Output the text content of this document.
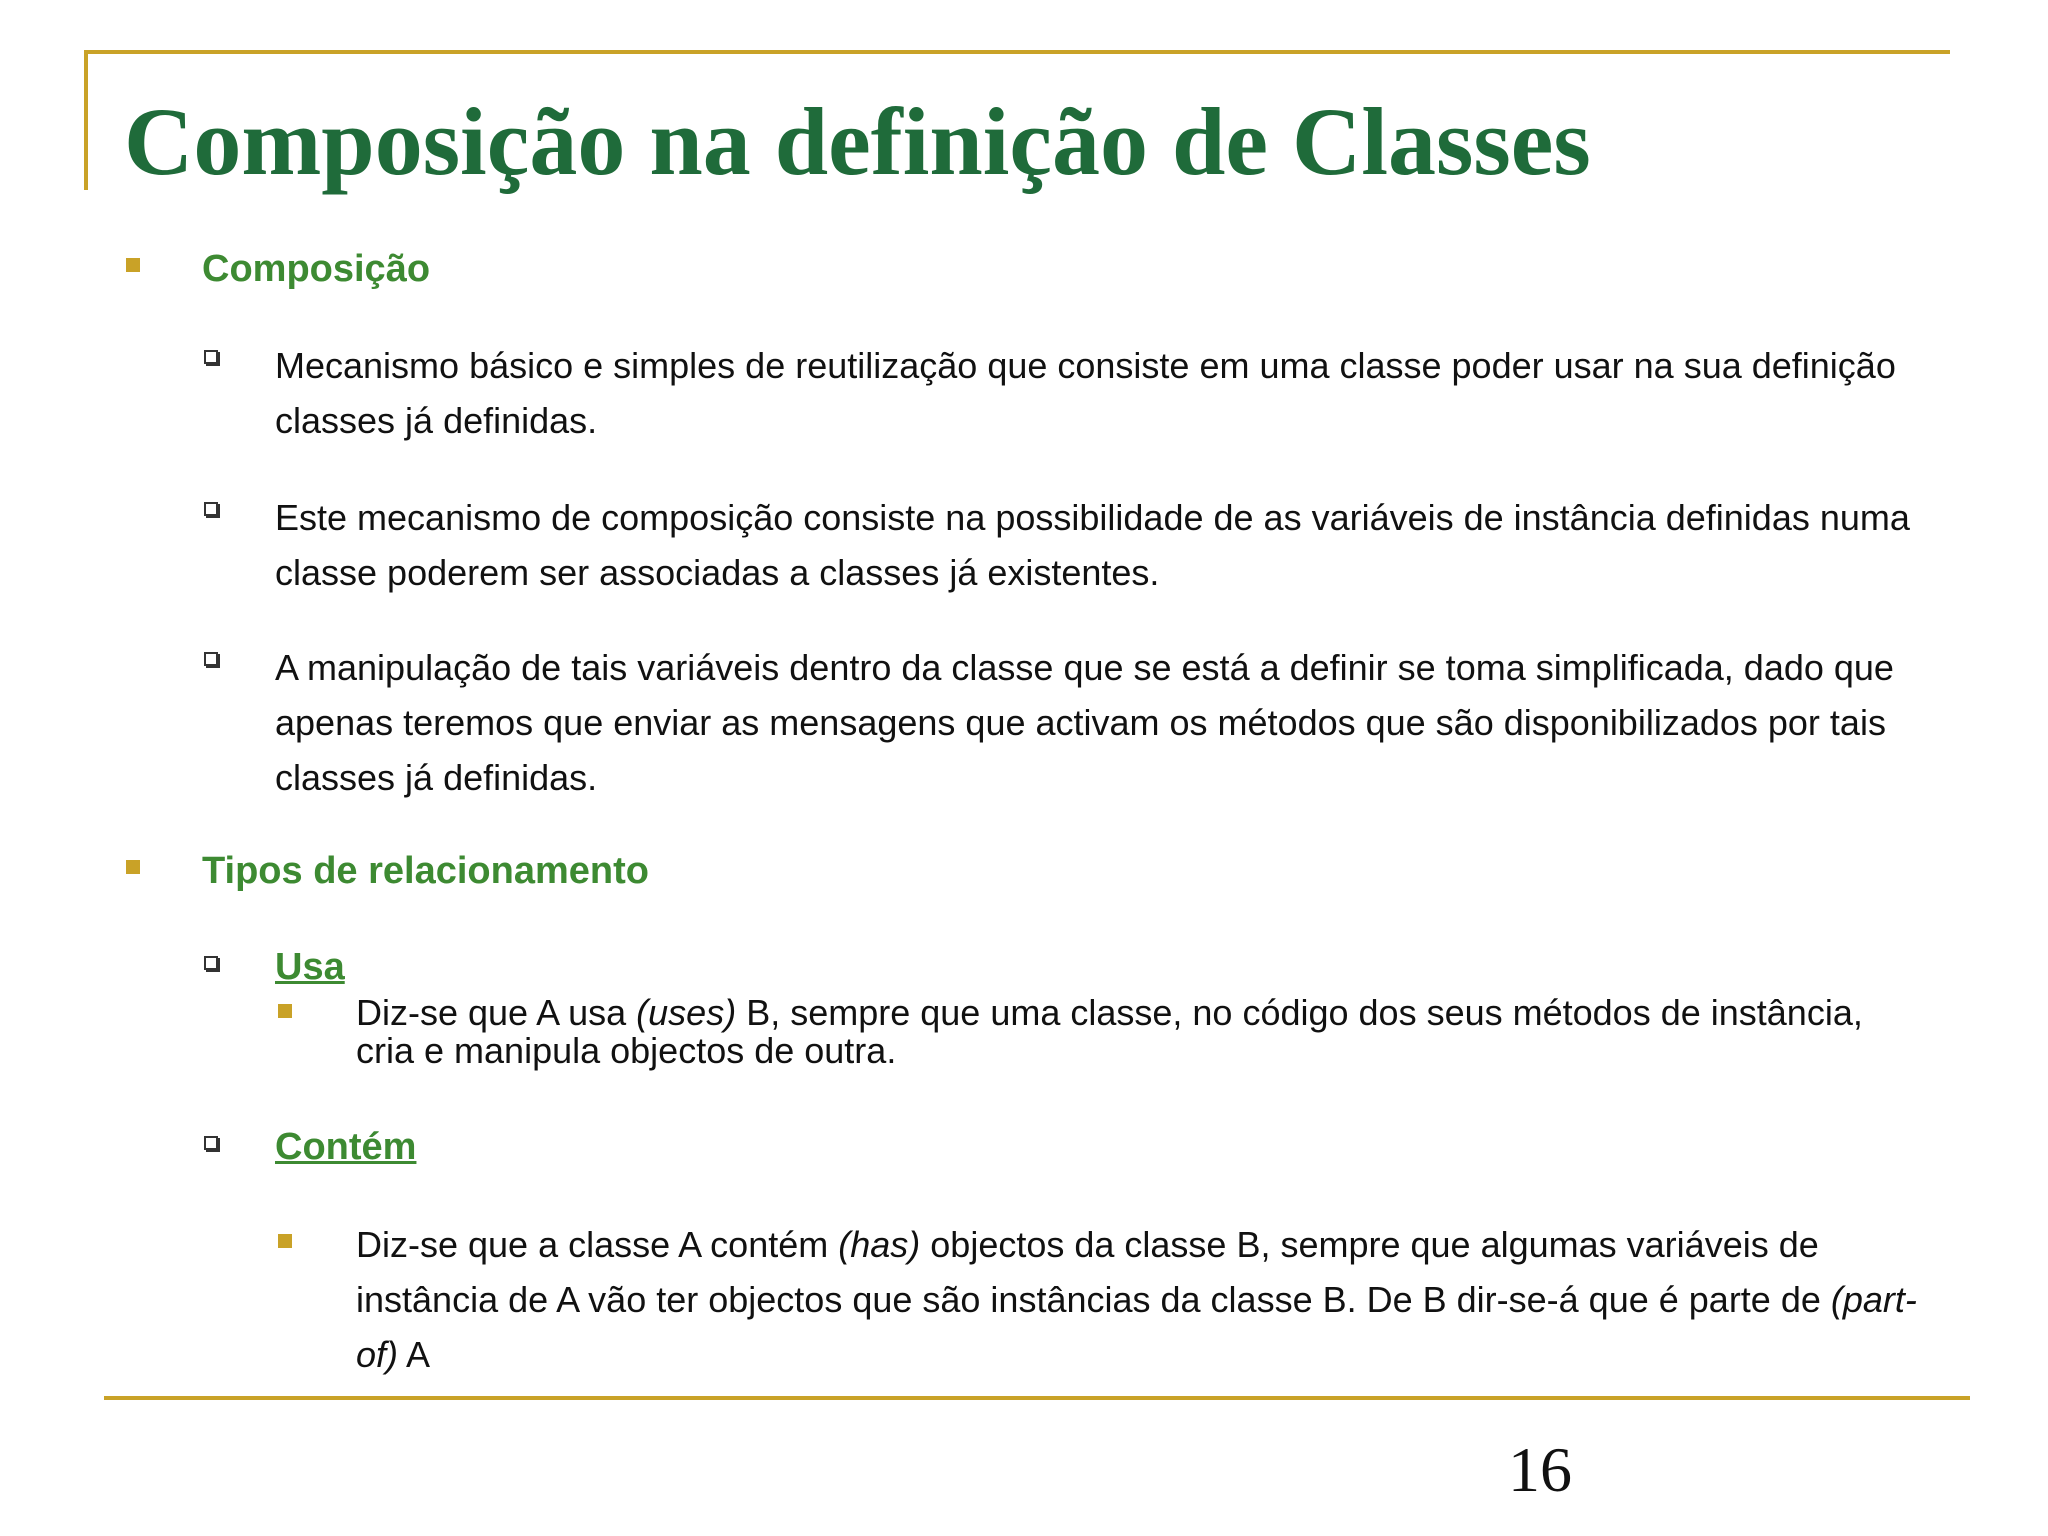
Composição na definição de Classes
Composição

Mecanismo básico e simples de reutilização que consiste em uma classe poder usar na sua definição classes já definidas.

Este mecanismo de composição consiste na possibilidade de as variáveis de instância definidas numa classe poderem ser associadas a classes já existentes.

A manipulação de tais variáveis dentro da classe que se está a definir se toma simplificada, dado que apenas teremos que enviar as mensagens que activam os métodos que são disponibilizados por tais classes já definidas.

Tipos de relacionamento
Usa

Diz-se que A usa (uses) B, sempre que uma classe, no código dos seus métodos de instância, cria e manipula objectos de outra.

Contém

Diz-se que a classe A contém (has) objectos da classe B, sempre que algumas variáveis de instância de A vão ter objectos que são instâncias da classe B. De B dir-se-á que é parte de (part-of) A

16
